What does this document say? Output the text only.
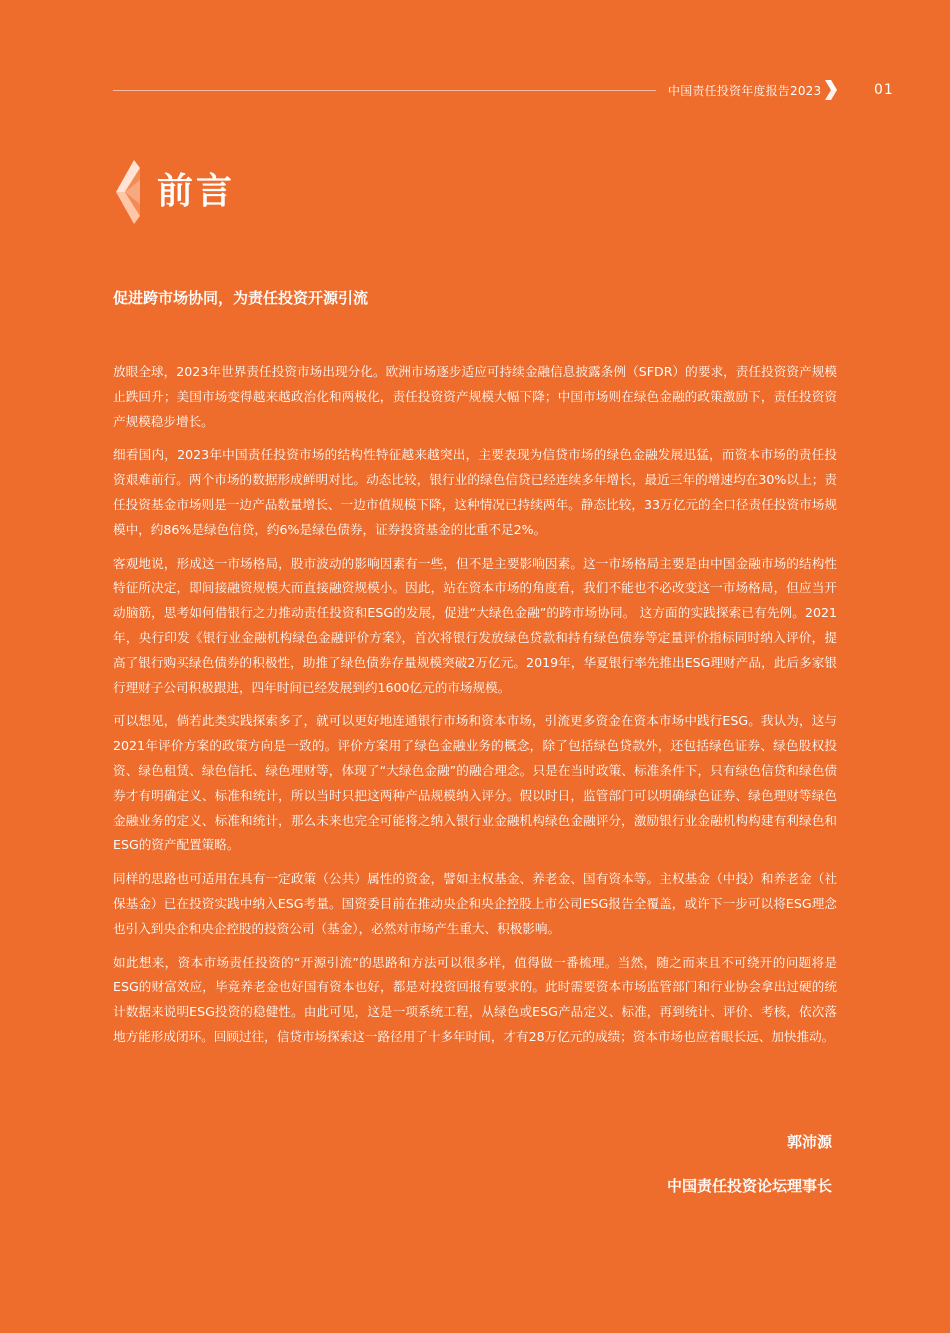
中国责任投资年度报告2023	01
前言
促进跨市场协同，为责任投资开源引流

放眼全球，2023年世界责任投资市场出现分化。欧洲市场逐步适应可持续金融信息披露条例（SFDR）的要求，责任投资资产规模止跌回升；美国市场变得越来越政治化和两极化，责任投资资产规模大幅下降；中国市场则在绿色金融的政策激励下，责任投资资产规模稳步增长。

细看国内，2023年中国责任投资市场的结构性特征越来越突出，主要表现为信贷市场的绿色金融发展迅猛，而资本市场的责任投资艰难前行。两个市场的数据形成鲜明对比。动态比较，银行业的绿色信贷已经连续多年增长，最近三年的增速均在30%以上；责任投资基金市场则是一边产品数量增长、一边市值规模下降，这种情况已持续两年。静态比较，33万亿元的全口径责任投资市场规模中，约86%是绿色信贷，约6%是绿色债券，证券投资基金的比重不足2%。

客观地说，形成这一市场格局，股市波动的影响因素有一些，但不是主要影响因素。这一市场格局主要是由中国金融市场的结构性特征所决定，即间接融资规模大而直接融资规模小。因此，站在资本市场的角度看，我们不能也不必改变这一市场格局，但应当开动脑筋，思考如何借银行之力推动责任投资和ESG的发展，促进“大绿色金融”的跨市场协同。 这方面的实践探索已有先例。2021年，央行印发《银行业金融机构绿色金融评价方案》，首次将银行发放绿色贷款和持有绿色债券等定量评价指标同时纳入评价，提高了银行购买绿色债券的积极性，助推了绿色债券存量规模突破2万亿元。2019年，华夏银行率先推出ESG理财产品，此后多家银行理财子公司积极跟进，四年时间已经发展到约1600亿元的市场规模。

可以想见，倘若此类实践探索多了，就可以更好地连通银行市场和资本市场，引流更多资金在资本市场中践行ESG。我认为，这与2021年评价方案的政策方向是一致的。评价方案用了绿色金融业务的概念，除了包括绿色贷款外，还包括绿色证券、绿色股权投资、绿色租赁、绿色信托、绿色理财等，体现了“大绿色金融”的融合理念。只是在当时政策、标准条件下，只有绿色信贷和绿色债券才有明确定义、标准和统计，所以当时只把这两种产品规模纳入评分。假以时日，监管部门可以明确绿色证券、绿色理财等绿色金融业务的定义、标准和统计，那么未来也完全可能将之纳入银行业金融机构绿色金融评分，激励银行业金融机构构建有利绿色和ESG的资产配置策略。

同样的思路也可适用在具有一定政策（公共）属性的资金，譬如主权基金、养老金、国有资本等。主权基金（中投）和养老金（社保基金）已在投资实践中纳入ESG考量。国资委目前在推动央企和央企控股上市公司ESG报告全覆盖，或许下一步可以将ESG理念也引入到央企和央企控股的投资公司（基金），必然对市场产生重大、积极影响。

如此想来，资本市场责任投资的“开源引流”的思路和方法可以很多样，值得做一番梳理。当然，随之而来且不可绕开的问题将是ESG的财富效应，毕竟养老金也好国有资本也好，都是对投资回报有要求的。此时需要资本市场监管部门和行业协会拿出过硬的统计数据来说明ESG投资的稳健性。由此可见，这是一项系统工程，从绿色或ESG产品定义、标准，再到统计、评价、考核，依次落地方能形成闭环。回顾过往，信贷市场探索这一路径用了十多年时间，才有28万亿元的成绩；资本市场也应着眼长远、加快推动。

郭沛源
中国责任投资论坛理事长
